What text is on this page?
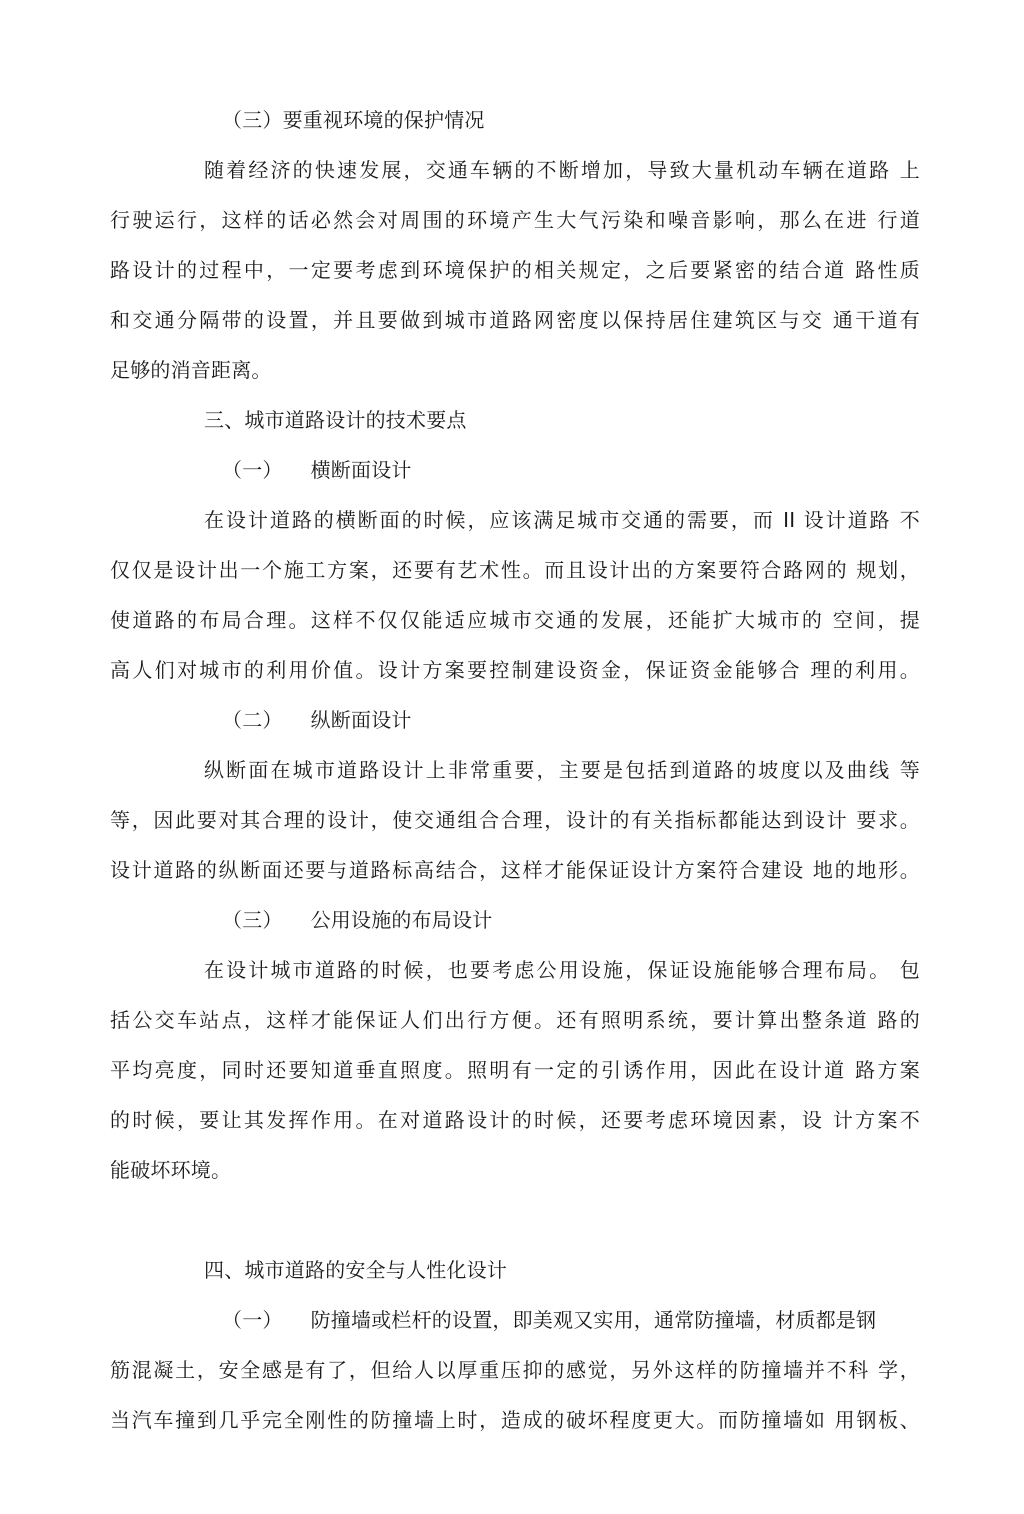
（三）要重视环境的保护情况
随着经济的快速发展，交通车辆的不断增加，导致大量机动车辆在道路 上
行驶运行，这样的话必然会对周围的环境产生大气污染和噪音影响，那么在进 行道
路设计的过程中，一定要考虑到环境保护的相关规定，之后要紧密的结合道 路性质
和交通分隔带的设置，并且要做到城市道路网密度以保持居住建筑区与交 通干道有
足够的消音距离。
三、城市道路设计的技术要点
（一） 横断面设计
在设计道路的横断面的时候，应该满足城市交通的需要，而 II 设计道路 不
仅仅是设计出一个施工方案，还要有艺术性。而且设计出的方案要符合路网的 规划，
使道路的布局合理。这样不仅仅能适应城市交通的发展，还能扩大城市的 空间，提
高人们对城市的利用价值。设计方案要控制建设资金，保证资金能够合 理的利用。
（二） 纵断面设计
纵断面在城市道路设计上非常重要，主要是包括到道路的坡度以及曲线 等
等，因此要对其合理的设计，使交通组合合理，设计的有关指标都能达到设计 要求。
设计道路的纵断面还要与道路标高结合，这样才能保证设计方案符合建设 地的地形。
（三） 公用设施的布局设计
在设计城市道路的时候，也要考虑公用设施，保证设施能够合理布局。 包
括公交车站点，这样才能保证人们出行方便。还有照明系统，要计算出整条道 路的
平均亮度，同时还要知道垂直照度。照明有一定的引诱作用，因此在设计道 路方案
的时候，要让其发挥作用。在对道路设计的时候，还要考虑环境因素，设 计方案不
能破坏环境。
四、城市道路的安全与人性化设计
（一） 防撞墙或栏杆的设置，即美观又实用，通常防撞墙，材质都是钢
筋混凝土，安全感是有了，但给人以厚重压抑的感觉，另外这样的防撞墙并不科 学，
当汽车撞到几乎完全刚性的防撞墙上时，造成的破坏程度更大。而防撞墙如 用钢板、
